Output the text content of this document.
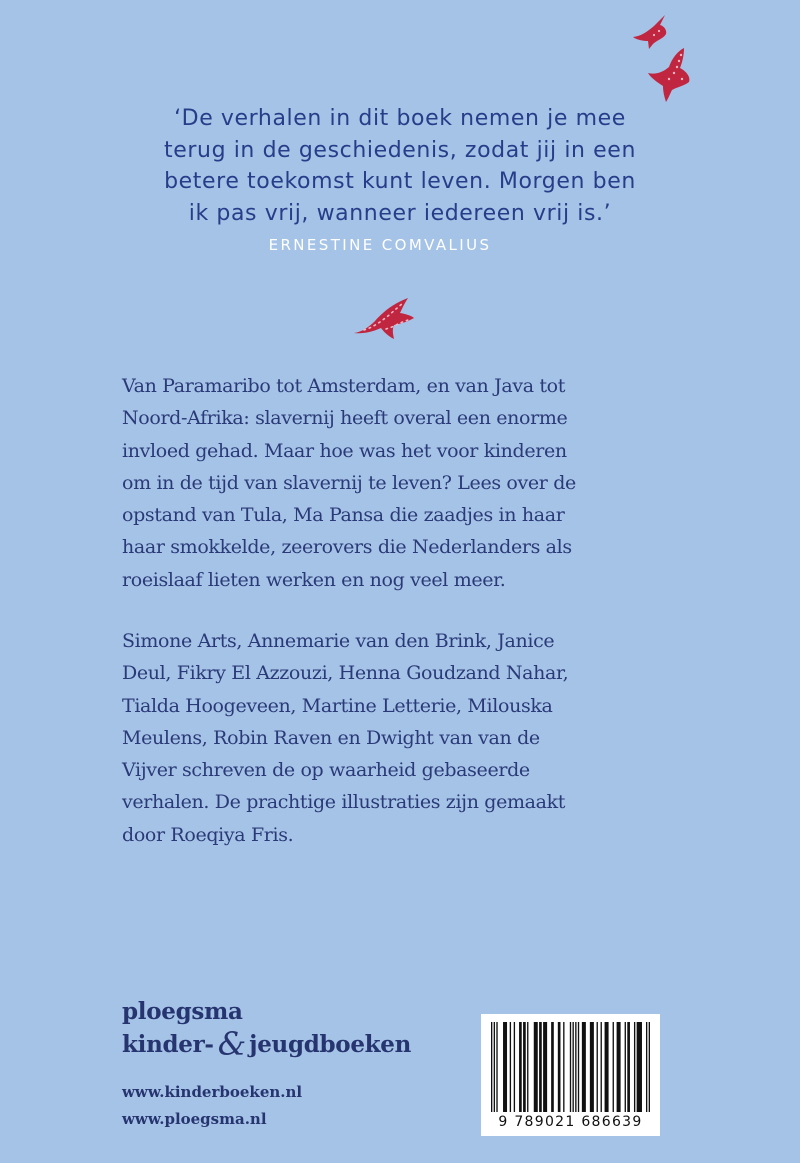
‘De verhalen in dit boek nemen je mee
terug in de geschiedenis, zodat jij in een
betere toekomst kunt leven. Morgen ben
ik pas vrij, wanneer iedereen vrij is.’
ERNESTINE COMVALIUS
Van Paramaribo tot Amsterdam, en van Java tot
Noord-Afrika: slavernij heeft overal een enorme
invloed gehad. Maar hoe was het voor kinderen
om in de tijd van slavernij te leven? Lees over de
opstand van Tula, Ma Pansa die zaadjes in haar
haar smokkelde, zeerovers die Nederlanders als
roeislaaf lieten werken en nog veel meer.
Simone Arts, Annemarie van den Brink, Janice
Deul, Fikry El Azzouzi, Henna Goudzand Nahar,
Tialda Hoogeveen, Martine Letterie, Milouska
Meulens, Robin Raven en Dwight van van de
Vijver schreven de op waarheid gebaseerde
verhalen. De prachtige illustraties zijn gemaakt
door Roeqiya Fris.
ploegsma
kinder- & jeugdboeken
www.kinderboeken.nl
www.ploegsma.nl	9 789021 686639
